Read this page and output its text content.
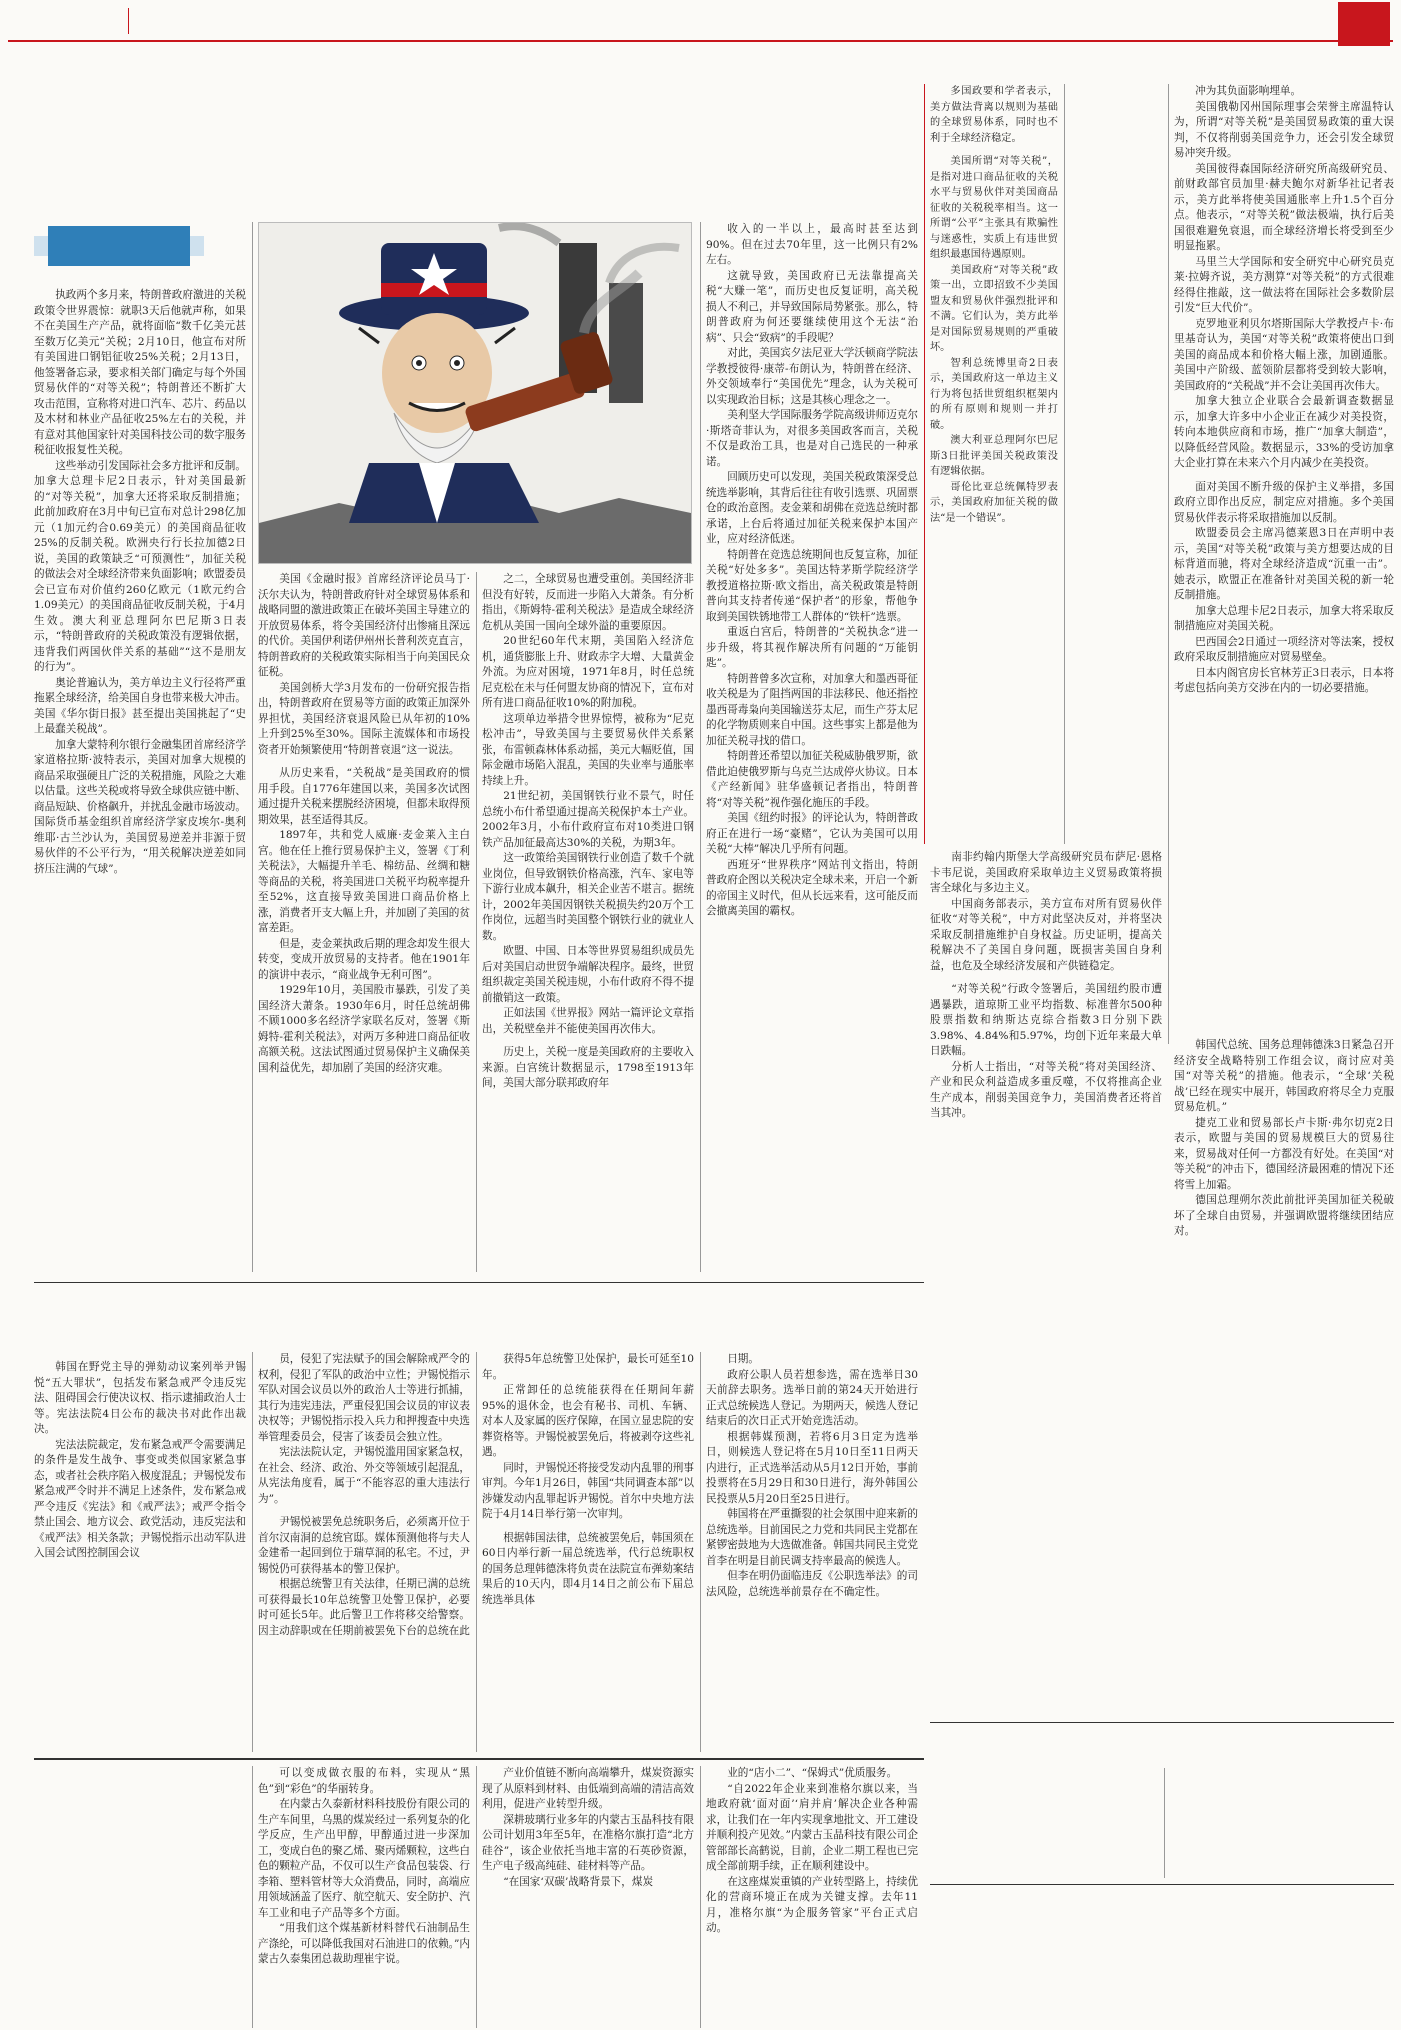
执政两个多月来，特朗普政府激进的关税政策令世界震惊：就职3天后他就声称，如果不在美国生产产品，就将面临“数千亿美元甚至数万亿美元”关税；2月10日，他宣布对所有美国进口钢铝征收25%关税；2月13日，他签署备忘录，要求相关部门确定与每个外国贸易伙伴的“对等关税”；特朗普还不断扩大攻击范围，宣称将对进口汽车、芯片、药品以及木材和林业产品征收25%左右的关税，并有意对其他国家针对美国科技公司的数字服务税征收报复性关税。

这些举动引发国际社会多方批评和反制。加拿大总理卡尼2日表示，针对美国最新的“对等关税”，加拿大还将采取反制措施；此前加政府在3月中旬已宣布对总计298亿加元（1加元约合0.69美元）的美国商品征收25%的反制关税。欧洲央行行长拉加德2日说，美国的政策缺乏“可预测性”，加征关税的做法会对全球经济带来负面影响；欧盟委员会已宣布对价值约260亿欧元（1欧元约合1.09美元）的美国商品征收反制关税，于4月生效。澳大利亚总理阿尔巴尼斯3日表示，“特朗普政府的关税政策没有逻辑依据，违背我们两国伙伴关系的基础”“这不是朋友的行为”。

奥论普遍认为，美方单边主义行径将严重拖累全球经济，给美国自身也带来极大冲击。美国《华尔街日报》甚至提出美国挑起了“史上最蠢关税战”。

加拿大蒙特利尔银行金融集团首席经济学家道格拉斯·波特表示，美国对加拿大规模的商品采取强硬且广泛的关税措施，风险之大难以估量。这些关税或将导致全球供应链中断、商品短缺、价格飙升，并扰乱金融市场波动。国际货币基金组织首席经济学家皮埃尔-奥利维耶·古兰沙认为，美国贸易逆差并非源于贸易伙伴的不公平行为，“用关税解决逆差如同挤压注满的气球”。

美国《金融时报》首席经济评论员马丁·沃尔夫认为，特朗普政府针对全球贸易体系和战略同盟的激进政策正在破坏美国主导建立的开放贸易体系，将令美国经济付出惨痛且深远的代价。美国伊利诺伊州州长普利茨克直言，特朗普政府的关税政策实际相当于向美国民众征税。

美国剑桥大学3月发布的一份研究报告指出，特朗普政府在贸易等方面的政策正加深外界担忧，美国经济衰退风险已从年初的10%上升到25%至30%。国际主流媒体和市场投资者开始频繁使用“特朗普衰退”这一说法。

从历史来看，“关税战”是美国政府的惯用手段。自1776年建国以来，美国多次试图通过提升关税来摆脱经济困境，但都未取得预期效果，甚至适得其反。

1897年，共和党人威廉·麦金莱入主白宫。他在任上推行贸易保护主义，签署《丁利关税法》，大幅提升羊毛、棉纺品、丝绸和糖等商品的关税，将美国进口关税平均税率提升至52%，这直接导致美国进口商品价格上涨，消费者开支大幅上升，并加剧了美国的贫富差距。

但是，麦金莱执政后期的理念却发生很大转变，变成开放贸易的支持者。他在1901年的演讲中表示，“商业战争无利可图”。

1929年10月，美国股市暴跌，引发了美国经济大萧条。1930年6月，时任总统胡佛不顾1000多名经济学家联名反对，签署《斯姆特-霍利关税法》，对两万多种进口商品征收高额关税。这法试图通过贸易保护主义确保美国利益优先，却加剧了美国的经济灾难。

之二，全球贸易也遭受重创。美国经济非但没有好转，反而进一步陷入大萧条。有分析指出，《斯姆特-霍利关税法》是造成全球经济危机从美国一国向全球外溢的重要原因。

20世纪60年代末期，美国陷入经济危机，通货膨胀上升、财政赤字大增、大量黄金外流。为应对困境，1971年8月，时任总统尼克松在未与任何盟友协商的情况下，宣布对所有进口商品征收10%的附加税。

这项单边举措令世界惊愕，被称为“尼克松冲击”，导致美国与主要贸易伙伴关系紧张，布雷顿森林体系动摇，美元大幅贬值，国际金融市场陷入混乱，美国的失业率与通胀率持续上升。

21世纪初，美国钢铁行业不景气，时任总统小布什希望通过提高关税保护本土产业。2002年3月，小布什政府宣布对10类进口钢铁产品加征最高达30%的关税，为期3年。

这一政策给美国钢铁行业创造了数千个就业岗位，但导致钢铁价格高涨，汽车、家电等下游行业成本飙升，相关企业苦不堪言。据统计，2002年美国因钢铁关税损失约20万个工作岗位，远超当时美国整个钢铁行业的就业人数。

欧盟、中国、日本等世界贸易组织成员先后对美国启动世贸争端解决程序。最终，世贸组织裁定美国关税违规，小布什政府不得不提前撤销这一政策。

正如法国《世界报》网站一篇评论文章指出，关税壁垒并不能使美国再次伟大。

历史上，关税一度是美国政府的主要收入来源。白宫统计数据显示，1798至1913年间，美国大部分联邦政府年

收入的一半以上，最高时甚至达到90%。但在过去70年里，这一比例只有2%左右。

这就导致，美国政府已无法靠提高关税“大赚一笔”，而历史也反复证明，高关税损人不利己，并导致国际局势紧张。那么，特朗普政府为何还要继续使用这个无法“治病”、只会“致病”的手段呢？

对此，美国宾夕法尼亚大学沃顿商学院法学教授彼得·康蒂-布朗认为，特朗普在经济、外交领域奉行“美国优先”理念，认为关税可以实现政治目标；这是其核心理念之一。

美利坚大学国际服务学院高级讲师迈克尔·斯塔奇菲认为，对很多美国政客而言，关税不仅是政治工具，也是对自己选民的一种承诺。

回顾历史可以发现，美国关税政策深受总统选举影响，其背后往往有收引选票、巩固票仓的政治意图。麦金莱和胡佛在竞选总统时都承诺，上台后将通过加征关税来保护本国产业，应对经济低迷。

特朗普在竞选总统期间也反复宣称，加征关税“好处多多”。美国达特茅斯学院经济学教授道格拉斯·欧文指出，高关税政策是特朗普向其支持者传递“保护者”的形象，帮他争取到美国铁锈地带工人群体的“铁杆”选票。

重返白宫后，特朗普的“关税执念”进一步升级，将其视作解决所有问题的“万能钥匙”。

特朗普曾多次宣称，对加拿大和墨西哥征收关税是为了阻挡两国的非法移民、他还指控墨西哥毒枭向美国输送芬太尼，而生产芬太尼的化学物质则来自中国。这些事实上都是他为加征关税寻找的借口。

特朗普还希望以加征关税威胁俄罗斯，欲借此迫使俄罗斯与乌克兰达成停火协议。日本《产经新闻》驻华盛顿记者指出，特朗普将“对等关税”视作强化施压的手段。

美国《纽约时报》的评论认为，特朗普政府正在进行一场“豪赌”，它认为美国可以用关税“大棒”解决几乎所有问题。

西班牙“世界秩序”网站刊文指出，特朗普政府企图以关税决定全球未来，开启一个新的帝国主义时代，但从长远来看，这可能反而会撤离美国的霸权。

多国政要和学者表示，美方做法背离以规则为基础的全球贸易体系，同时也不利于全球经济稳定。

美国所谓“对等关税”，是指对进口商品征收的关税水平与贸易伙伴对美国商品征收的关税税率相当。这一所谓“公平”主张具有欺骗性与迷惑性，实质上有违世贸组织最惠国待遇原则。

美国政府“对等关税”政策一出，立即招致不少美国盟友和贸易伙伴强烈批评和不满。它们认为，美方此举是对国际贸易规则的严重破坏。

智利总统博里奇2日表示，美国政府这一单边主义行为将包括世贸组织框架内的所有原则和规则一并打破。

澳大利亚总理阿尔巴尼斯3日批评美国关税政策没有逻辑依据。

哥伦比亚总统佩特罗表示，美国政府加征关税的做法“是一个错误”。

冲为其负面影响埋单。

美国俄勒冈州国际理事会荣誉主席温特认为，所谓“对等关税”是美国贸易政策的重大误判，不仅将削弱美国竞争力，还会引发全球贸易冲突升级。

美国彼得森国际经济研究所高级研究员、前财政部官员加里·赫夫鲍尔对新华社记者表示，美方此举将使美国通胀率上升1.5个百分点。他表示，“对等关税”做法极端，执行后美国很难避免衰退，而全球经济增长将受到至少明显拖累。

马里兰大学国际和安全研究中心研究员克莱·拉姆齐说，美方测算“对等关税”的方式很难经得住推敲，这一做法将在国际社会多数阶层引发“巨大代价”。

克罗地亚利贝尔塔斯国际大学教授卢卡·布里基奇认为，美国“对等关税”政策将使出口到美国的商品成本和价格大幅上涨，加剧通胀。美国中产阶级、蓝领阶层都将受到较大影响，美国政府的“关税战”并不会让美国再次伟大。

加拿大独立企业联合会最新调查数据显示，加拿大许多中小企业正在减少对美投资，转向本地供应商和市场，推广“加拿大制造”，以降低经营风险。数据显示，33%的受访加拿大企业打算在未来六个月内减少在美投资。

面对美国不断升级的保护主义举措，多国政府立即作出反应，制定应对措施。多个美国贸易伙伴表示将采取措施加以反制。

欧盟委员会主席冯德莱恩3日在声明中表示，美国“对等关税”政策与美方想要达成的目标背道而驰，将对全球经济造成“沉重一击”。她表示，欧盟正在准备针对美国关税的新一轮反制措施。

加拿大总理卡尼2日表示，加拿大将采取反制措施应对美国关税。

巴西国会2日通过一项经济对等法案，授权政府采取反制措施应对贸易壁垒。

日本内阁官房长官林芳正3日表示，日本将考虑包括向美方交涉在内的一切必要措施。

南非约翰内斯堡大学高级研究员布萨尼·恩格卡韦尼说，美国政府采取单边主义贸易政策将损害全球化与多边主义。

中国商务部表示，美方宣布对所有贸易伙伴征收“对等关税”，中方对此坚决反对，并将坚决采取反制措施维护自身权益。历史证明，提高关税解决不了美国自身问题，既损害美国自身利益，也危及全球经济发展和产供链稳定。

“对等关税”行政令签署后，美国纽约股市遭遇暴跌，道琼斯工业平均指数、标准普尔500种股票指数和纳斯达克综合指数3日分别下跌3.98%、4.84%和5.97%，均创下近年来最大单日跌幅。

分析人士指出，“对等关税”将对美国经济、产业和民众利益造成多重反噬，不仅将推高企业生产成本，削弱美国竞争力，美国消费者还将首当其冲。

韩国代总统、国务总理韩德洙3日紧急召开经济安全战略特别工作组会议，商讨应对美国“对等关税”的措施。他表示，“全球‘关税战’已经在现实中展开，韩国政府将尽全力克服贸易危机。”

捷克工业和贸易部长卢卡斯·弗尔切克2日表示，欧盟与美国的贸易规模巨大的贸易往来，贸易战对任何一方都没有好处。在美国“对等关税”的冲击下，德国经济最困难的情况下还将雪上加霜。

德国总理朔尔茨此前批评美国加征关税破坏了全球自由贸易，并强调欧盟将继续团结应对。

韩国在野党主导的弹劾动议案列举尹锡悦“五大罪状”，包括发布紧急戒严令违反宪法、阻碍国会行使决议权、指示逮捕政治人士等。宪法法院4日公布的裁决书对此作出裁决。

宪法法院裁定，发布紧急戒严令需要满足的条件是发生战争、事变或类似国家紧急事态，或者社会秩序陷入极度混乱；尹锡悦发布紧急戒严令时并不满足上述条件，发布紧急戒严令违反《宪法》和《戒严法》；戒严令指令禁止国会、地方议会、政党活动，违反宪法和《戒严法》相关条款；尹锡悦指示出动军队进入国会试图控制国会议

员，侵犯了宪法赋予的国会解除戒严令的权利，侵犯了军队的政治中立性；尹锡悦指示军队对国会议员以外的政治人士等进行抓捕，其行为违宪违法，严重侵犯国会议员的审议表决权等；尹锡悦指示投入兵力和押搜查中央选举管理委员会，侵害了该委员会独立性。

宪法法院认定，尹锡悦滥用国家紧急权，在社会、经济、政治、外交等领域引起混乱，从宪法角度看，属于“不能容忍的重大违法行为”。

尹锡悦被罢免总统职务后，必须离开位于首尔汉南洞的总统官邸。媒体预测他将与夫人金建希一起回到位于瑞草洞的私宅。不过，尹锡悦仍可获得基本的警卫保护。

根据总统警卫有关法律，任期已满的总统可获得最长10年总统警卫处警卫保护，必要时可延长5年。此后警卫工作将移交给警察。因主动辞职或在任期前被罢免下台的总统在此

获得5年总统警卫处保护，最长可延至10年。

正常卸任的总统能获得在任期间年薪95%的退休金，也会有秘书、司机、车辆、对本人及家属的医疗保障，在国立显忠院的安葬资格等。尹锡悦被罢免后，将被剥夺这些礼遇。

同时，尹锡悦还将接受发动内乱罪的刑事审判。今年1月26日，韩国“共同调查本部”以涉嫌发动内乱罪起诉尹锡悦。首尔中央地方法院于4月14日举行第一次审判。

根据韩国法律，总统被罢免后，韩国须在60日内举行新一届总统选举，代行总统职权的国务总理韩德洙将负责在法院宣布弹劾案结果后的10天内，即4月14日之前公布下届总统选举具体

日期。

政府公职人员若想参选，需在选举日30天前辞去职务。选举日前的第24天开始进行正式总统候选人登记。为期两天，候选人登记结束后的次日正式开始竞选活动。

根据韩媒预测，若将6月3日定为选举日，则候选人登记将在5月10日至11日两天内进行，正式选举活动从5月12日开始，事前投票将在5月29日和30日进行，海外韩国公民投票从5月20日至25日进行。

韩国将在严重撕裂的社会氛围中迎来新的总统选举。目前国民之力党和共同民主党都在紧锣密鼓地为大选做准备。韩国共同民主党党首李在明是目前民调支持率最高的候选人。

但李在明仍面临违反《公职选举法》的司法风险，总统选举前景存在不确定性。

可以变成做衣服的布料，实现从“黑色”到“彩色”的华丽转身。

在内蒙古久泰新材料科技股份有限公司的生产车间里，乌黑的煤炭经过一系列复杂的化学反应，生产出甲醇，甲醇通过进一步深加工，变成白色的聚乙烯、聚丙烯颗粒，这些白色的颗粒产品，不仅可以生产食品包装袋、行李箱、塑料管材等大众消费品，同时，高端应用领域涵盖了医疗、航空航天、安全防护、汽车工业和电子产品等多个方面。

“用我们这个煤基新材料替代石油制品生产涤纶，可以降低我国对石油进口的依赖。”内蒙古久泰集团总裁助理崔宇说。

产业价值链不断向高端攀升，煤炭资源实现了从原料到材料、由低端到高端的清洁高效利用，促进产业转型升级。

深耕玻璃行业多年的内蒙古玉晶科技有限公司计划用3年至5年，在准格尔旗打造“北方硅谷”，该企业依托当地丰富的石英砂资源，生产电子级高纯硅、硅材料等产品。

“在国家‘双碳’战略背景下，煤炭

业的“店小二”、“保姆式”优质服务。

“自2022年企业来到准格尔旗以来，当地政府就‘面对面’‘肩并肩’解决企业各种需求，让我们在一年内实现拿地批文、开工建设并顺利投产见效。”内蒙古玉晶科技有限公司企管部部长高鹤说，目前，企业二期工程也已完成全部前期手续，正在顺利建设中。

在这座煤炭重镇的产业转型路上，持续优化的营商环境正在成为关键支撑。去年11月，准格尔旗“为企服务管家”平台正式启动。
